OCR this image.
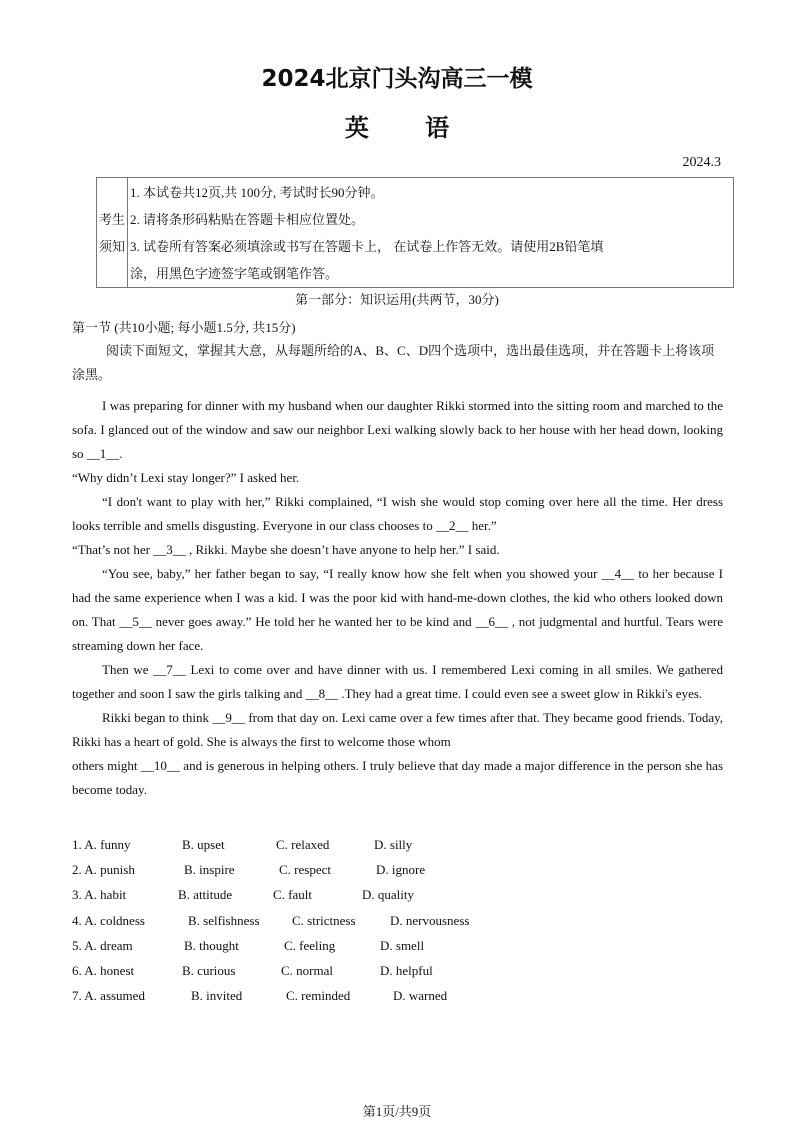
2024北京门头沟高三一模
英 语
2024.3
考生
须知

1. 本试卷共12页,共 100分, 考试时长90分钟。
2. 请将条形码粘贴在答题卡相应位置处。
3. 试卷所有答案必须填涂或书写在答题卡上， 在试卷上作答无效。请使用2B铅笔填
涂，用黑色字迹签字笔或钢笔作答。
第一部分：知识运用(共两节，30分)
第一节 (共10小题; 每小题1.5分, 共15分)
阅读下面短文，掌握其大意，从每题所给的A、B、C、D四个选项中，选出最佳选项，并在答题卡上将该项涂黑。

I was preparing for dinner with my husband when our daughter Rikki stormed into the sitting room and marched to the sofa. I glanced out of the window and saw our neighbor Lexi walking slowly back to her house with her head down, looking so __1__.

“Why didn’t Lexi stay longer?” I asked her.

“I don't want to play with her,” Rikki complained, “I wish she would stop coming over here all the time. Her dress looks terrible and smells disgusting. Everyone in our class chooses to __2__ her.”

“That’s not her __3__ , Rikki. Maybe she doesn’t have anyone to help her.” I said.

“You see, baby,” her father began to say, “I really know how she felt when you showed your __4__ to her because I had the same experience when I was a kid. I was the poor kid with hand-me-down clothes, the kid who others looked down on. That __5__ never goes away.” He told her he wanted her to be kind and __6__ , not judgmental and hurtful. Tears were streaming down her face.

Then we __7__ Lexi to come over and have dinner with us. I remembered Lexi coming in all smiles. We gathered together and soon I saw the girls talking and __8__ .They had a great time. I could even see a sweet glow in Rikki's eyes.

Rikki began to think __9__ from that day on. Lexi came over a few times after that. They became good friends. Today, Rikki has a heart of gold. She is always the first to welcome those whom

others might __10__ and is generous in helping others. I truly believe that day made a major difference in the person she has become today.

1. A. funny	B. upset	C. relaxed	D. silly
2. A. punish	B. inspire	C. respect	D. ignore
3. A. habit	B. attitude	C. fault	D. quality
4. A. coldness	B. selfishness	C. strictness	D. nervousness
5. A. dream	B. thought	C. feeling	D. smell
6. A. honest	B. curious	C. normal	D. helpful
7. A. assumed	B. invited	C. reminded	D. warned
第1页/共9页
